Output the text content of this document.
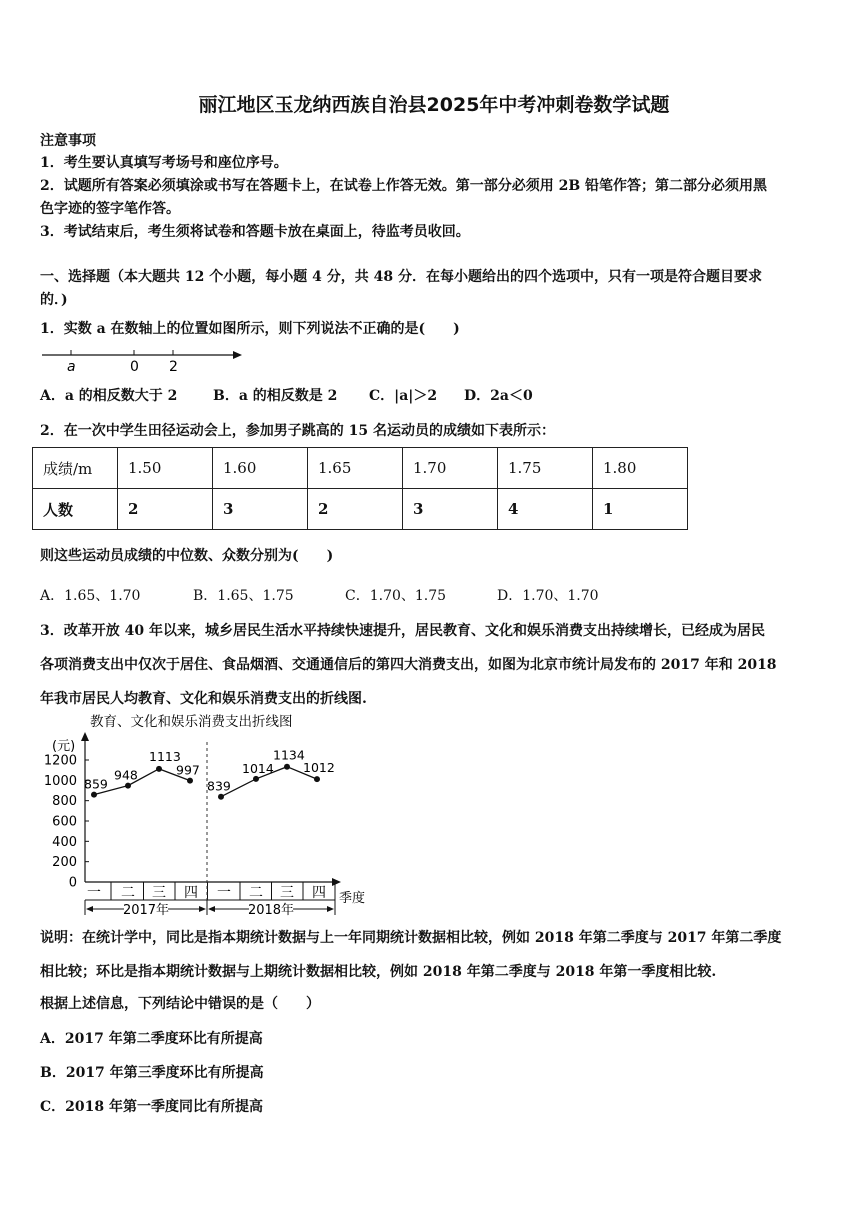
丽江地区玉龙纳西族自治县2025年中考冲刺卷数学试题
注意事项
1．考生要认真填写考场号和座位序号。
2．试题所有答案必须填涂或书写在答题卡上，在试卷上作答无效。第一部分必须用 2B 铅笔作答；第二部分必须用黑
色字迹的签字笔作答。
3．考试结束后，考生须将试卷和答题卡放在桌面上，待监考员收回。
一、选择题（本大题共 12 个小题，每小题 4 分，共 48 分．在每小题给出的四个选项中，只有一项是符合题目要求
的．)
1．实数 a 在数轴上的位置如图所示，则下列说法不正确的是(　　)
a	0 2
A．a 的相反数大于 2	B．a 的相反数是 2 C．|a|＞2 D．2a＜0
2．在一次中学生田径运动会上，参加男子跳高的 15 名运动员的成绩如下表所示：
成绩/m	1.50	1.60	1.65	1.70	1.75	1.80
人数	2	3	2	3	4	1
则这些运动员成绩的中位数、众数分别为(　　)
A．1.65、1.70	B．1.65、1.75	C．1.70、1.75	D．1.70、1.70
3．改革开放 40 年以来，城乡居民生活水平持续快速提升，居民教育、文化和娱乐消费支出持续增长，已经成为居民
各项消费支出中仅次于居住、食品烟酒、交通通信后的第四大消费支出，如图为北京市统计局发布的 2017 年和 2018
年我市居民人均教育、文化和娱乐消费支出的折线图.
教育、文化和娱乐消费支出折线图
(元)
季度
0
200
400
600
800
1000
1200
一 二 三 四 一 二 三 四
2017年	2018年
859
948
1113
997
839
1014
1134
1012
说明：在统计学中，同比是指本期统计数据与上一年同期统计数据相比较，例如 2018 年第二季度与 2017 年第二季度
相比较；环比是指本期统计数据与上期统计数据相比较，例如 2018 年第二季度与 2018 年第一季度相比较.
根据上述信息，下列结论中错误的是（　　）
A．2017 年第二季度环比有所提高
B．2017 年第三季度环比有所提高
C．2018 年第一季度同比有所提高
